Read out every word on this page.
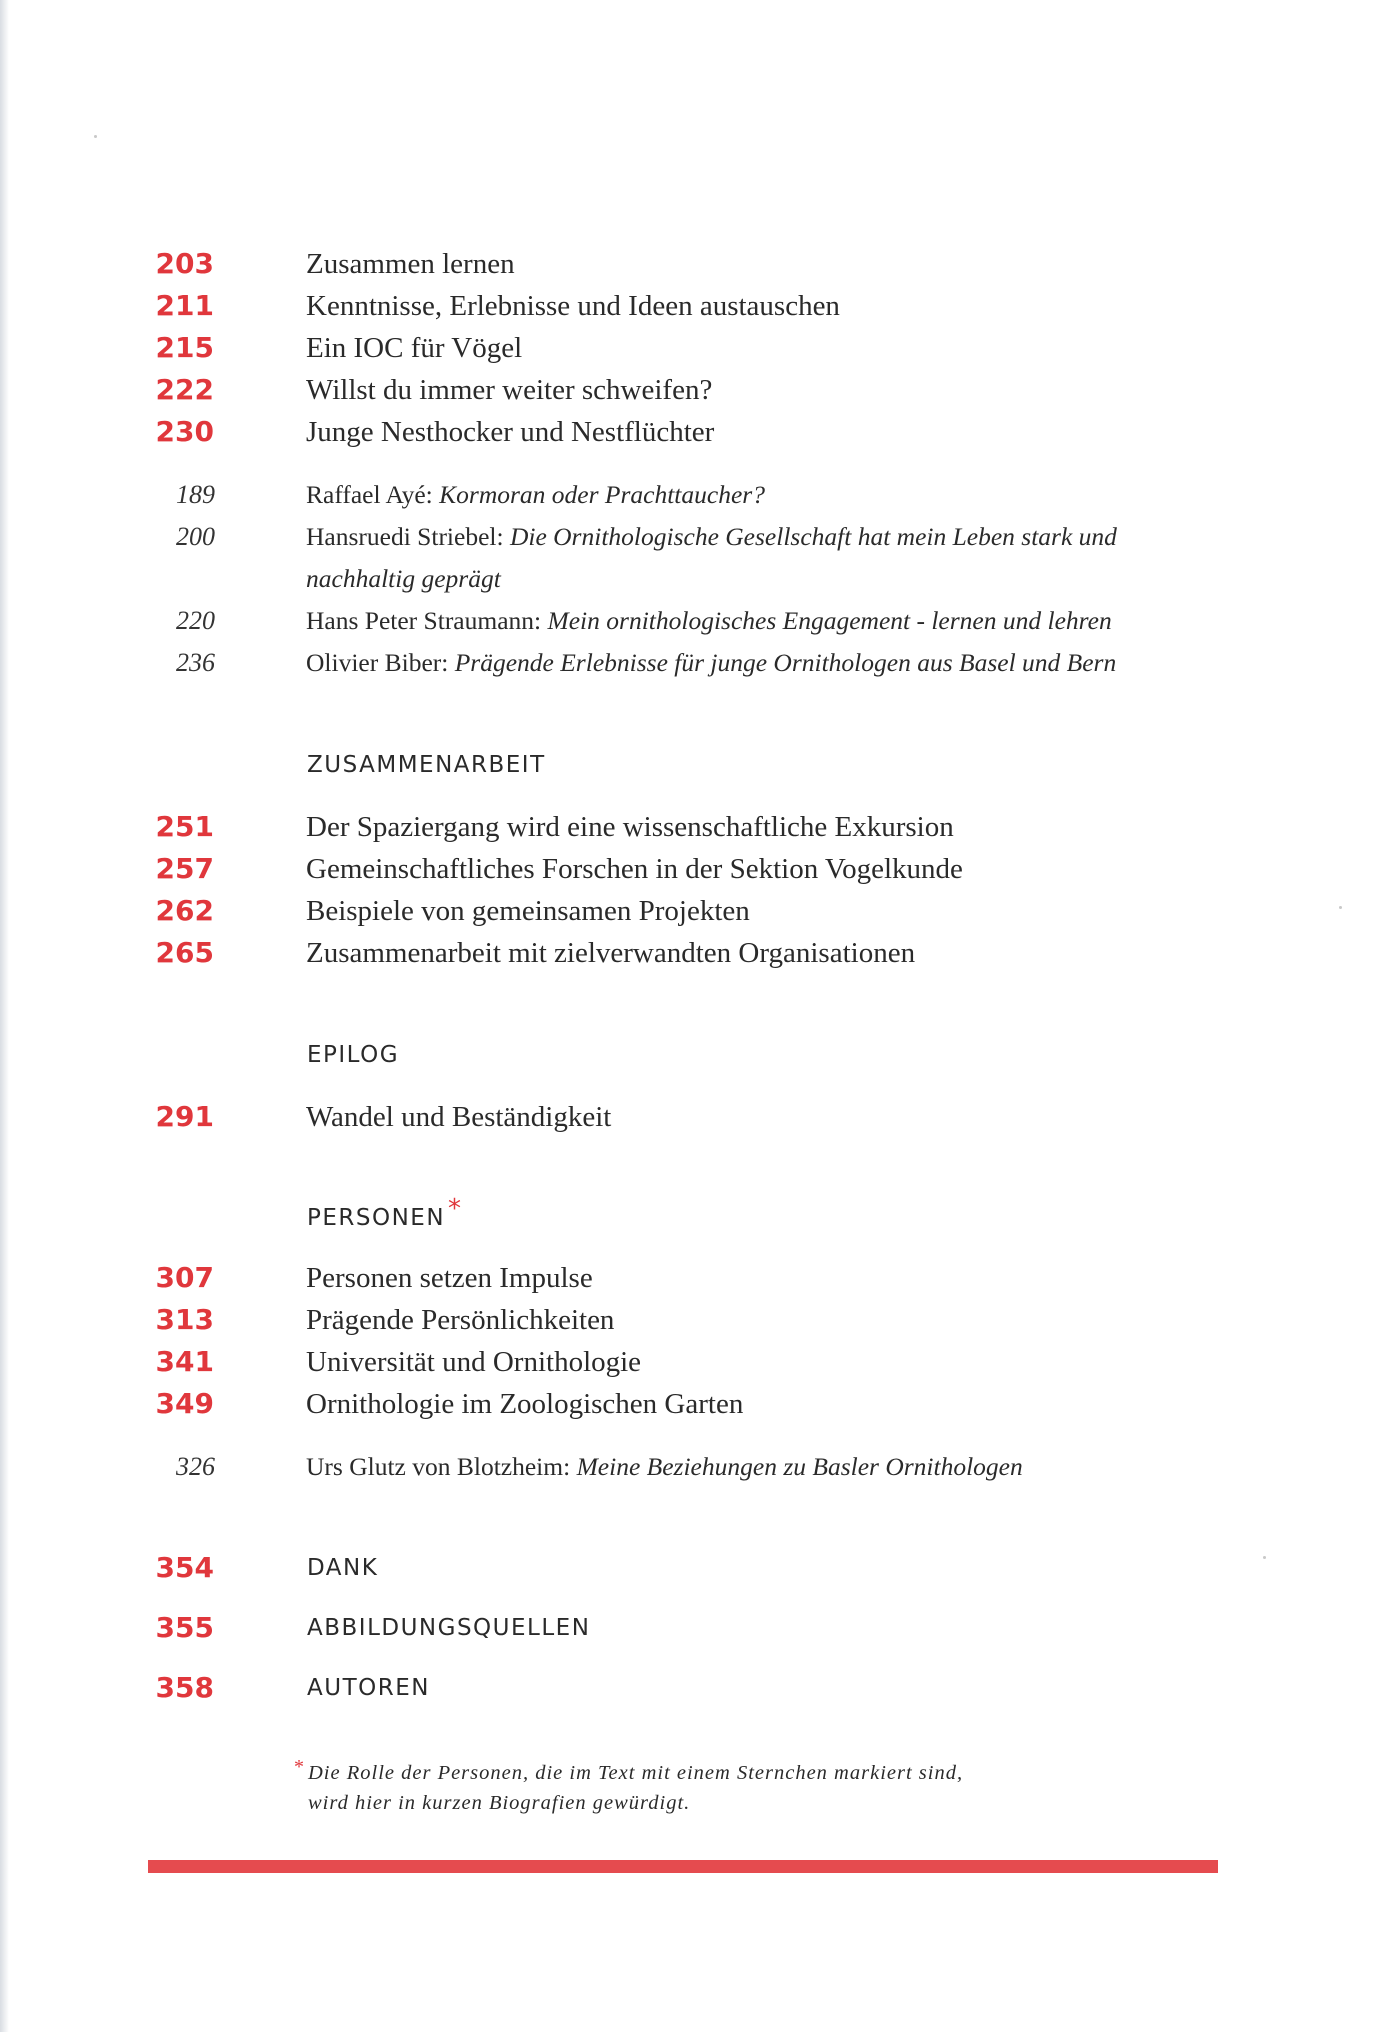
203	Zusammen lernen
211	Kenntnisse, Erlebnisse und Ideen austauschen
215	Ein IOC für Vögel
222	Willst du immer weiter schweifen?
230	Junge Nesthocker und Nestflüchter
189	Raffael Ayé: Kormoran oder Prachttaucher?
200	Hansruedi Striebel: Die Ornithologische Gesellschaft hat mein Leben stark und
nachhaltig geprägt
220	Hans Peter Straumann: Mein ornithologisches Engagement - lernen und lehren
236	Olivier Biber: Prägende Erlebnisse für junge Ornithologen aus Basel und Bern
ZUSAMMENARBEIT
251	Der Spaziergang wird eine wissenschaftliche Exkursion
257	Gemeinschaftliches Forschen in der Sektion Vogelkunde
262	Beispiele von gemeinsamen Projekten
265	Zusammenarbeit mit zielverwandten Organisationen
EPILOG
291	Wandel und Beständigkeit
PERSONEN *
307	Personen setzen Impulse
313	Prägende Persönlichkeiten
341	Universität und Ornithologie
349	Ornithologie im Zoologischen Garten
326	Urs Glutz von Blotzheim: Meine Beziehungen zu Basler Ornithologen
354	DANK
355	ABBILDUNGSQUELLEN
358	AUTOREN
* Die Rolle der Personen, die im Text mit einem Sternchen markiert sind,
wird hier in kurzen Biografien gewürdigt.
